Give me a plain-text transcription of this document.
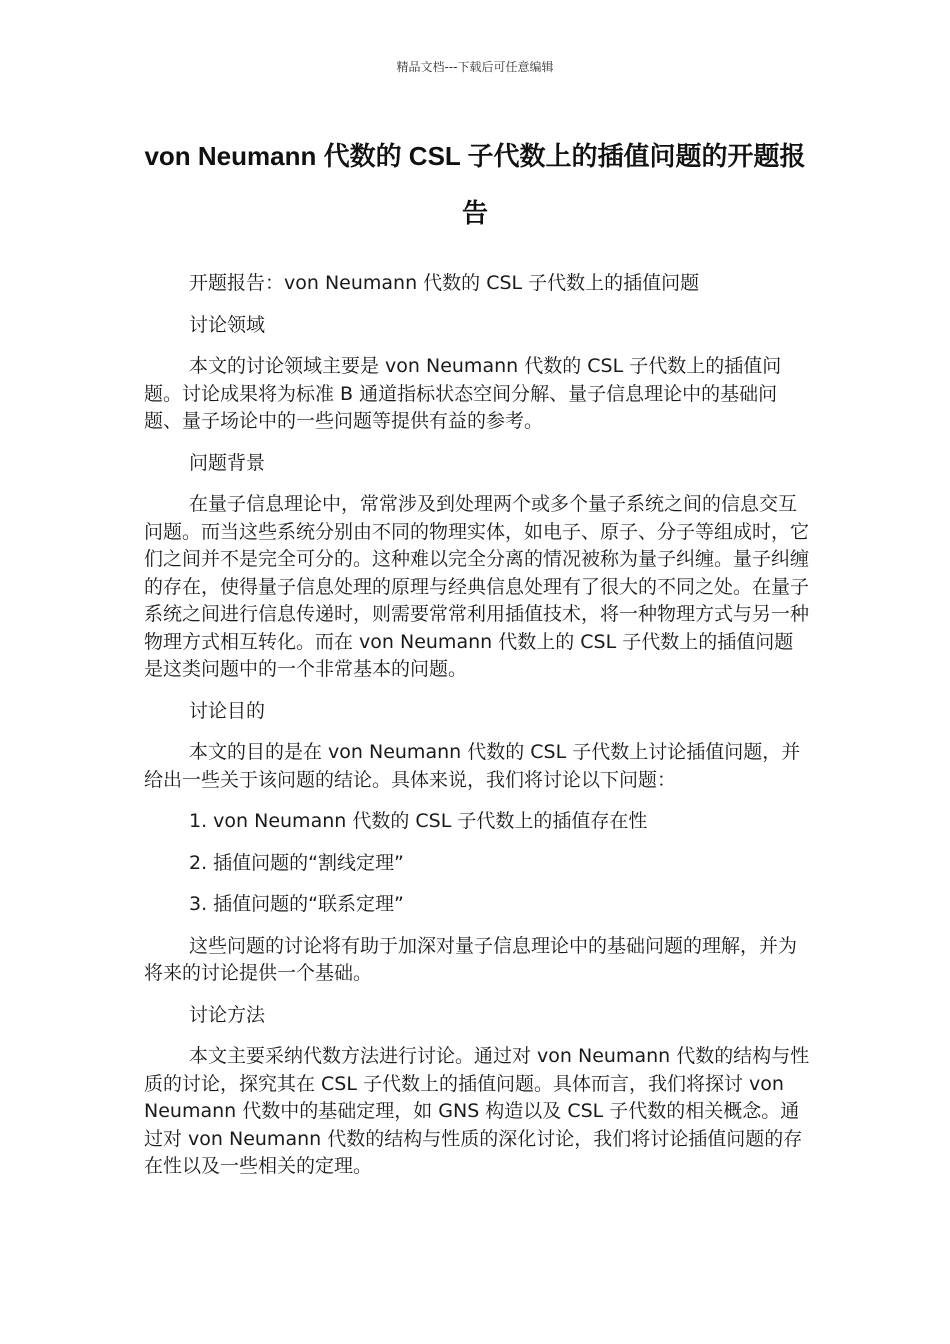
精品文档---下载后可任意编辑
von Neumann 代数的 CSL 子代数上的插值问题的开题报告

开题报告：von Neumann 代数的 CSL 子代数上的插值问题

讨论领域

本文的讨论领域主要是 von Neumann 代数的 CSL 子代数上的插值问题。讨论成果将为标准 B 通道指标状态空间分解、量子信息理论中的基础问题、量子场论中的一些问题等提供有益的参考。

问题背景

在量子信息理论中，常常涉及到处理两个或多个量子系统之间的信息交互问题。而当这些系统分别由不同的物理实体，如电子、原子、分子等组成时，它们之间并不是完全可分的。这种难以完全分离的情况被称为量子纠缠。量子纠缠的存在，使得量子信息处理的原理与经典信息处理有了很大的不同之处。在量子系统之间进行信息传递时，则需要常常利用插值技术，将一种物理方式与另一种物理方式相互转化。而在 von Neumann 代数上的 CSL 子代数上的插值问题是这类问题中的一个非常基本的问题。

讨论目的

本文的目的是在 von Neumann 代数的 CSL 子代数上讨论插值问题，并给出一些关于该问题的结论。具体来说，我们将讨论以下问题：

1. von Neumann 代数的 CSL 子代数上的插值存在性

2. 插值问题的“割线定理”

3. 插值问题的“联系定理”

这些问题的讨论将有助于加深对量子信息理论中的基础问题的理解，并为将来的讨论提供一个基础。

讨论方法

本文主要采纳代数方法进行讨论。通过对 von Neumann 代数的结构与性质的讨论，探究其在 CSL 子代数上的插值问题。具体而言，我们将探讨 von Neumann 代数中的基础定理，如 GNS 构造以及 CSL 子代数的相关概念。通过对 von Neumann 代数的结构与性质的深化讨论，我们将讨论插值问题的存在性以及一些相关的定理。
